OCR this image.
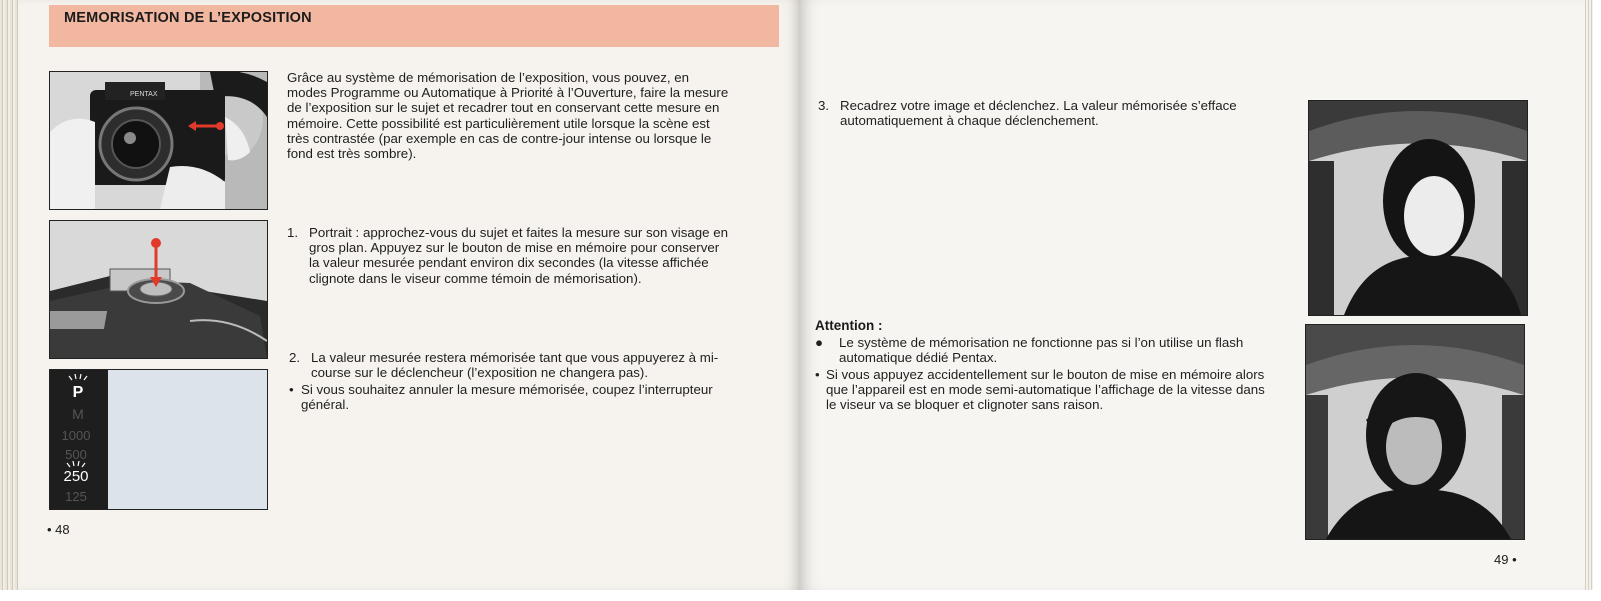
MEMORISATION DE L’EXPOSITION
PENTAX
P
M
1000
500
250
125
Grâce au système de mémorisation de l’exposition, vous pouvez, en modes Programme ou Automatique à Priorité à l’Ouverture, faire la mesure de l’exposition sur le sujet et recadrer tout en conservant cette mesure en mémoire. Cette possibilité est particulièrement utile lorsque la scène est très contrastée (par exemple en cas de contre-jour intense ou lorsque le fond est très sombre).
1. Portrait : approchez-vous du sujet et faites la mesure sur son visage en gros plan. Appuyez sur le bouton de mise en mémoire pour conserver la valeur mesurée pendant environ dix secondes (la vitesse affichée clignote dans le viseur comme témoin de mémorisation).
2. La valeur mesurée restera mémorisée tant que vous appuyerez à mi-course sur le déclencheur (l’exposition ne changera pas).
• Si vous souhaitez annuler la mesure mémorisée, coupez l’interrupteur général.
• 48
3. Recadrez votre image et déclenchez. La valeur mémorisée s’efface automatiquement à chaque déclenchement.
Attention :
●	Le système de mémorisation ne fonctionne pas si l’on utilise un flash automatique dédié Pentax.
• Si vous appuyez accidentellement sur le bouton de mise en mémoire alors que l’appareil est en mode semi-automatique l’affichage de la vitesse dans le viseur va se bloquer et clignoter sans raison.
49 •
